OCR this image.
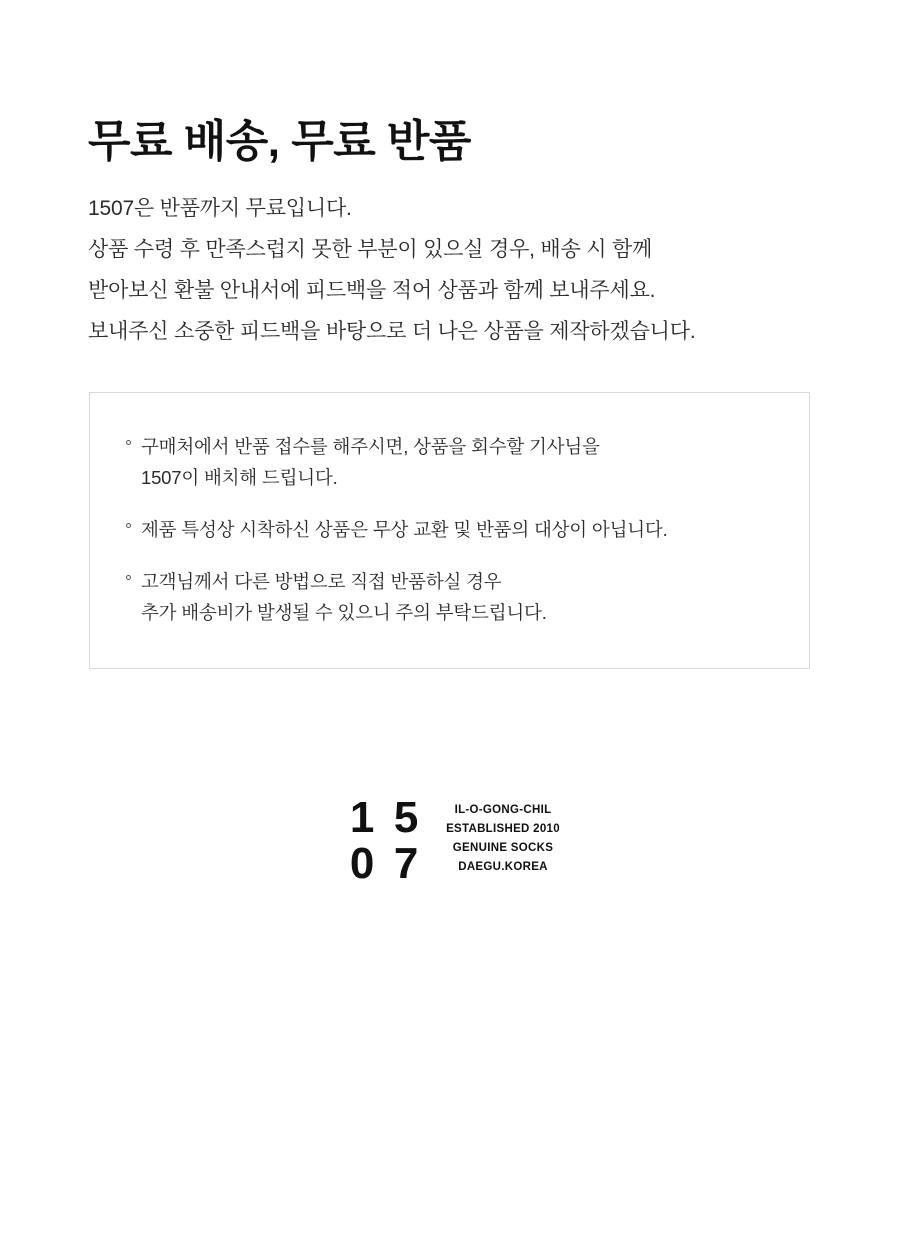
무료 배송, 무료 반품

1507은 반품까지 무료입니다.

상품 수령 후 만족스럽지 못한 부분이 있으실 경우, 배송 시 함께

받아보신 환불 안내서에 피드백을 적어 상품과 함께 보내주세요.

보내주신 소중한 피드백을 바탕으로 더 나은 상품을 제작하겠습니다.

구매처에서 반품 접수를 해주시면, 상품을 회수할 기사님을
1507이 배치해 드립니다.
제품 특성상 시착하신 상품은 무상 교환 및 반품의 대상이 아닙니다.
고객님께서 다른 방법으로 직접 반품하실 경우
추가 배송비가 발생될 수 있으니 주의 부탁드립니다.
1 5
0 7
IL-O-GONG-CHIL
ESTABLISHED 2010
GENUINE SOCKS
DAEGU.KOREA
